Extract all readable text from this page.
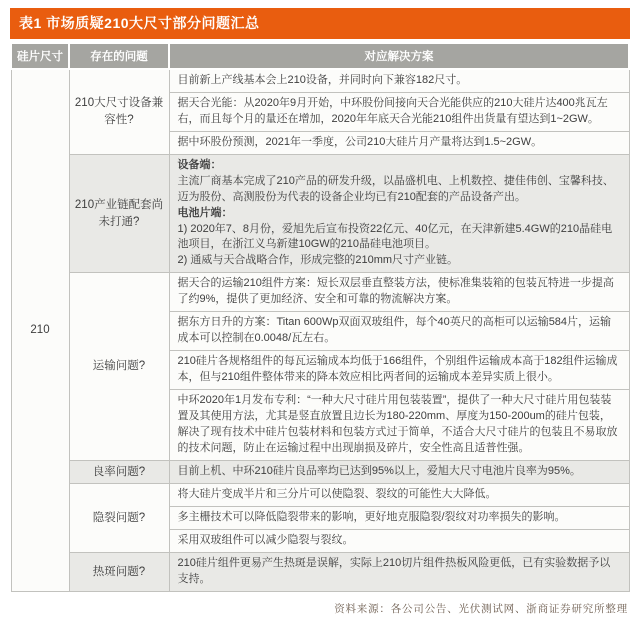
表1 市场质疑210大尺寸部分问题汇总
硅片尺寸	存在的问题	对应解决方案
210	210大尺寸设备兼容性?	目前新上产线基本会上210设备，并同时向下兼容182尺寸。

		据天合光能：从2020年9月开始，中环股份间接向天合光能供应的210大硅片达400兆瓦左右，而且每个月的量还在增加，2020年年底天合光能210组件出货量有望达到1~2GW。

		据中环股份预测，2021年一季度，公司210大硅片月产量将达到1.5~2GW。

	210产业链配套尚未打通?	设备端：
主流厂商基本完成了210产品的研发升级，以晶盛机电、上机数控、捷佳伟创、宝馨科技、迈为股份、高测股份为代表的设备企业均已有210配套的产品设备产出。
电池片端：
1) 2020年7、8月份，爱旭先后宣布投资22亿元、40亿元，在天津新建5.4GW的210晶硅电池项目，在浙江义乌新建10GW的210晶硅电池项目。
2) 通威与天合战略合作，形成完整的210mm尺寸产业链。

	运输问题?	据天合的运输210组件方案：短长双层垂直整装方法，使标准集装箱的包装瓦特进一步提高了约9%，提供了更加经济、安全和可靠的物流解决方案。

		据东方日升的方案：Titan 600Wp双面双玻组件，每个40英尺的高柜可以运输584片，运输成本可以控制在0.0048/瓦左右。

		210硅片各规格组件的每瓦运输成本均低于166组件，个别组件运输成本高于182组件运输成本，但与210组件整体带来的降本效应相比两者间的运输成本差异实质上很小。

		中环2020年1月发布专利：“一种大尺寸硅片用包装装置”，提供了一种大尺寸硅片用包装装置及其使用方法，尤其是竖直放置且边长为180-220mm、厚度为150-200um的硅片包装，解决了现有技术中硅片包装材料和包装方式过于简单，不适合大尺寸硅片的包装且不易取放的技术问题，防止在运输过程中出现崩损及碎片，安全性高且适普性强。

	良率问题?	目前上机、中环210硅片良品率均已达到95%以上，爱旭大尺寸电池片良率为95%。

	隐裂问题?	将大硅片变成半片和三分片可以使隐裂、裂纹的可能性大大降低。

		多主栅技术可以降低隐裂带来的影响，更好地克服隐裂/裂纹对功率损失的影响。

		采用双玻组件可以减少隐裂与裂纹。

	热斑问题?	210硅片组件更易产生热斑是误解，实际上210切片组件热板风险更低，已有实验数据予以支持。
资料来源：各公司公告、光伏测试网、浙商证券研究所整理
